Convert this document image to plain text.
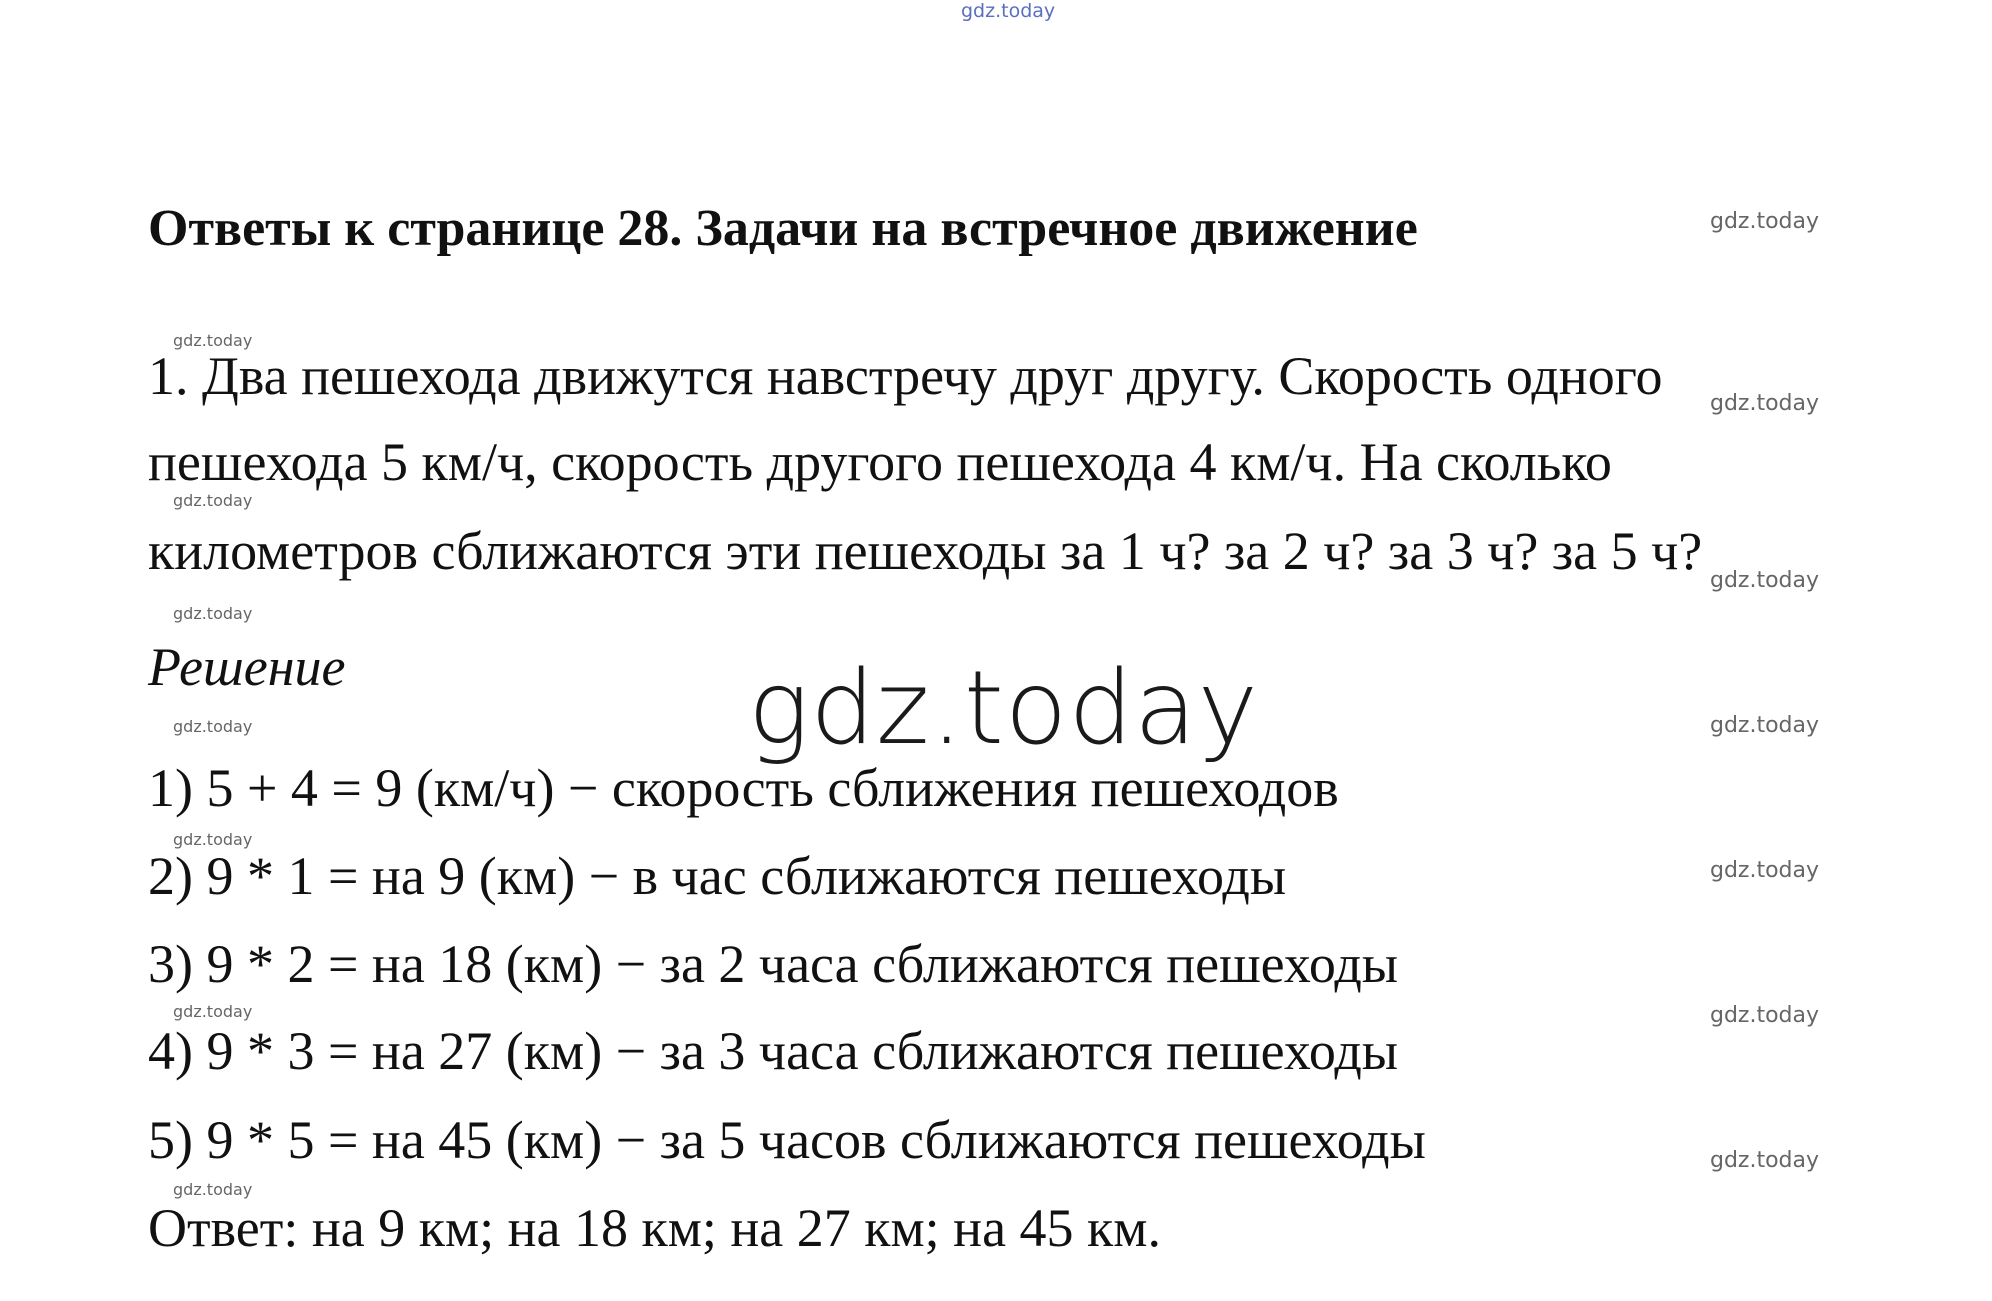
gdz.today
gdz.today
gdz.today
gdz.today
gdz.today
gdz.today
gdz.today
gdz.today	gdz.today
gdz.today
gdz.today
gdz.today	gdz.today
gdz.today
gdz.today
gdz.today
Ответы к странице 28. Задачи на встречное движение
1. Два пешехода движутся навстречу друг другу. Скорость одного
пешехода 5 км/ч, скорость другого пешехода 4 км/ч. На сколько
километров сближаются эти пешеходы за 1 ч? за 2 ч? за 3 ч? за 5 ч?
Решение
1) 5 + 4 = 9 (км/ч) − скорость сближения пешеходов
2) 9 * 1 = на 9 (км) − в час сближаются пешеходы
3) 9 * 2 = на 18 (км) − за 2 часа сближаются пешеходы
4) 9 * 3 = на 27 (км) − за 3 часа сближаются пешеходы
5) 9 * 5 = на 45 (км) − за 5 часов сближаются пешеходы
Ответ: на 9 км; на 18 км; на 27 км; на 45 км.
